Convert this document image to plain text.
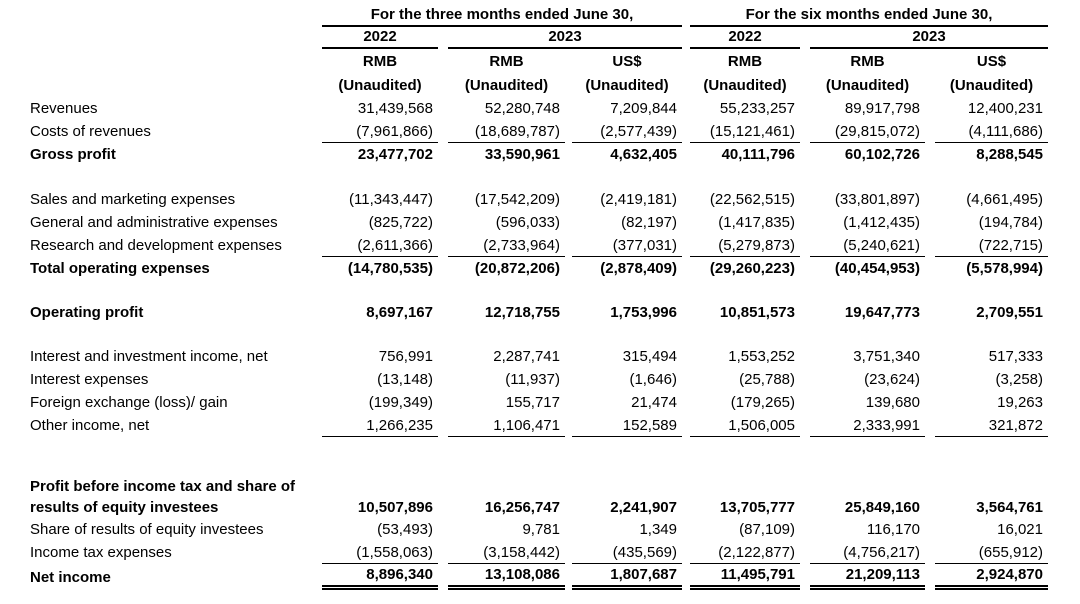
	For the three months ended June 30,			For the six months ended June 30,		

	2022	2023		2022	2023	

	RMB	RMB	US$	RMB	RMB	US$

	(Unaudited)	(Unaudited)	(Unaudited)	(Unaudited)	(Unaudited)	(Unaudited)

Revenues	31,439,568	52,280,748	7,209,844	55,233,257	89,917,798	12,400,231

Costs of revenues	(7,961,866)	(18,689,787)	(2,577,439)	(15,121,461)	(29,815,072)	(4,111,686)

Gross profit	23,477,702	33,590,961	4,632,405	40,111,796	60,102,726	8,288,545

Sales and marketing expenses	(11,343,447)	(17,542,209)	(2,419,181)	(22,562,515)	(33,801,897)	(4,661,495)

General and administrative expenses	(825,722)	(596,033)	(82,197)	(1,417,835)	(1,412,435)	(194,784)

Research and development expenses	(2,611,366)	(2,733,964)	(377,031)	(5,279,873)	(5,240,621)	(722,715)

Total operating expenses	(14,780,535)	(20,872,206)	(2,878,409)	(29,260,223)	(40,454,953)	(5,578,994)

Operating profit	8,697,167	12,718,755	1,753,996	10,851,573	19,647,773	2,709,551

Interest and investment income, net	756,991	2,287,741	315,494	1,553,252	3,751,340	517,333

Interest expenses	(13,148)	(11,937)	(1,646)	(25,788)	(23,624)	(3,258)

Foreign exchange (loss)/ gain	(199,349)	155,717	21,474	(179,265)	139,680	19,263

Other income, net	1,266,235	1,106,471	152,589	1,506,005	2,333,991	321,872

Profit before income tax and share of results of equity investees	10,507,896	16,256,747	2,241,907	13,705,777	25,849,160	3,564,761

Share of results of equity investees	(53,493)	9,781	1,349	(87,109)	116,170	16,021

Income tax expenses	(1,558,063)	(3,158,442)	(435,569)	(2,122,877)	(4,756,217)	(655,912)

Net income	8,896,340	13,108,086	1,807,687	11,495,791	21,209,113	2,924,870
